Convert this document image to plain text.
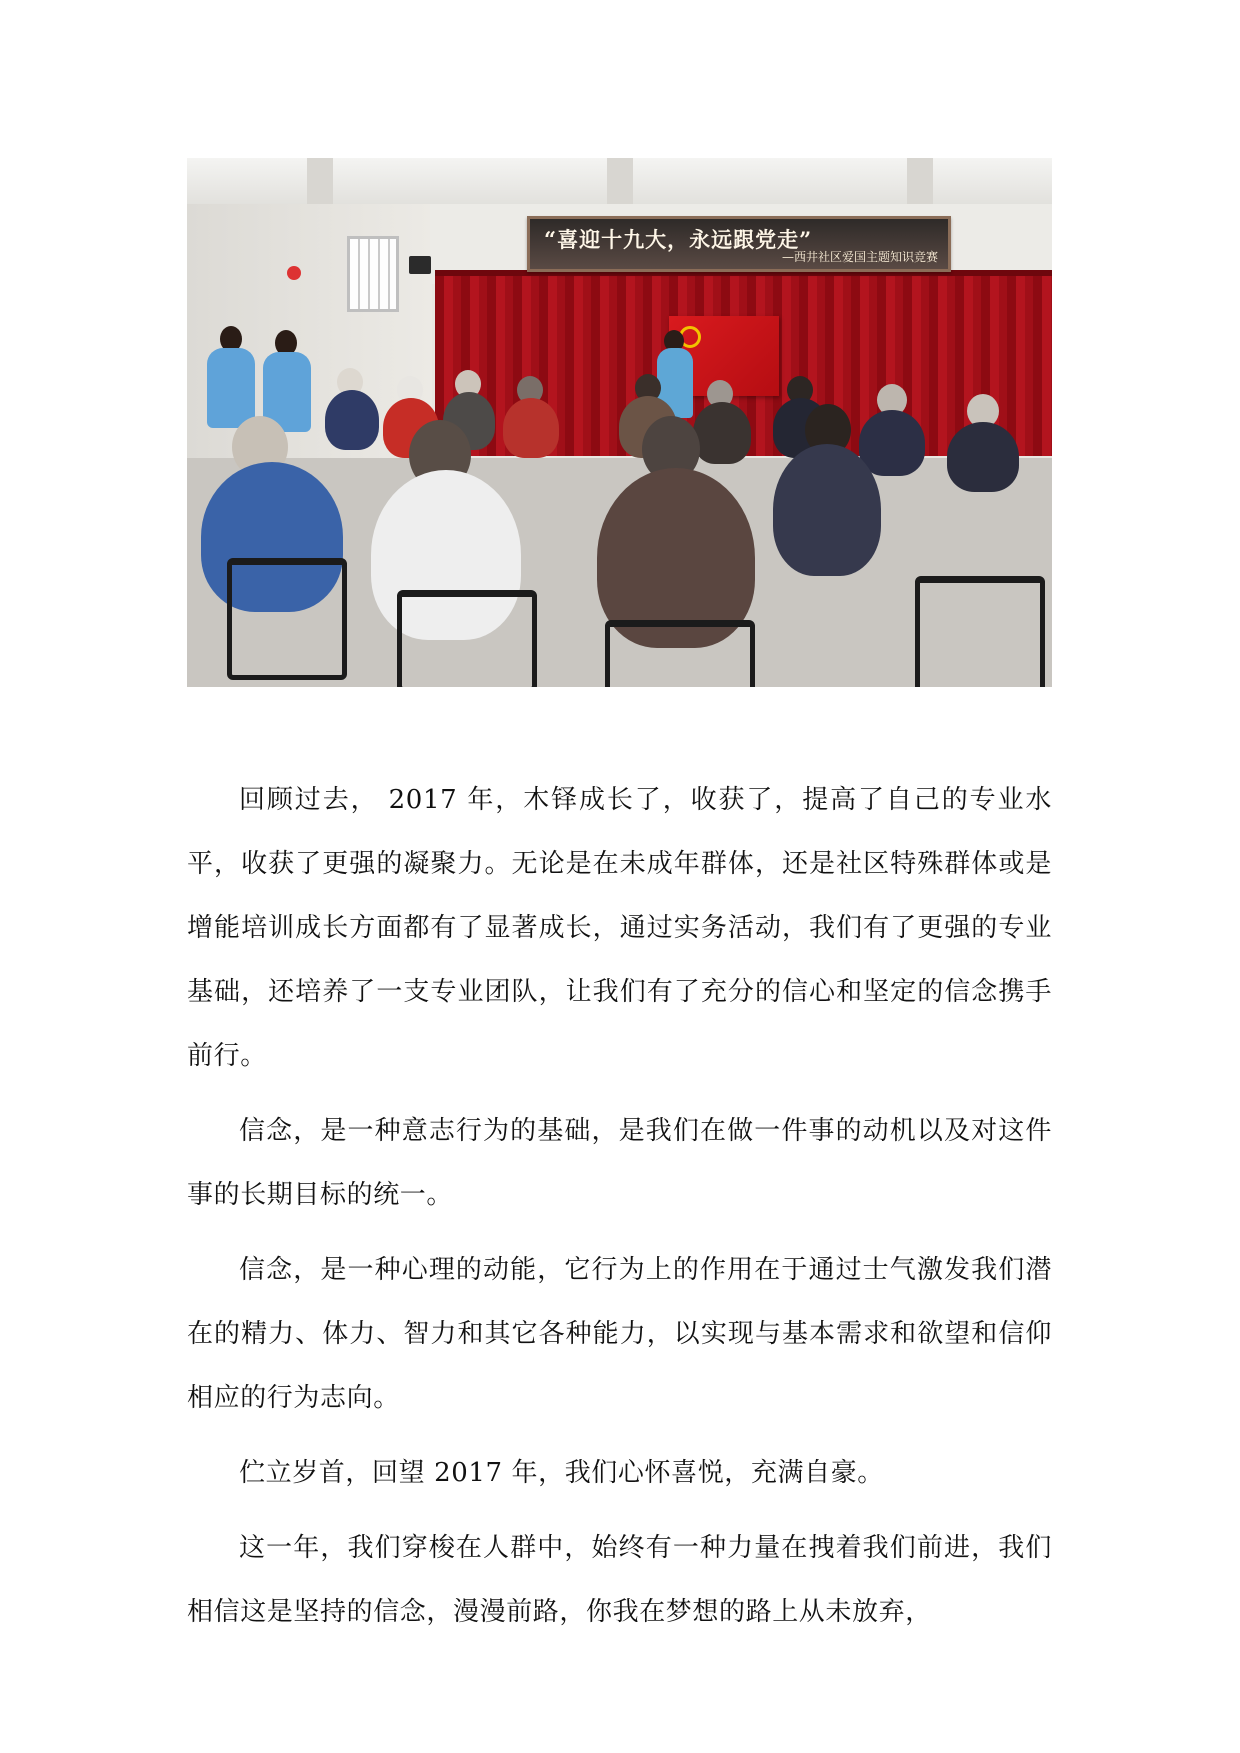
“喜迎十九大，永远跟党走”
—西井社区爱国主题知识竞赛

回顾过去， 2017 年，木铎成长了，收获了，提高了自己的专业水平，收获了更强的凝聚力。无论是在未成年群体，还是社区特殊群体或是增能培训成长方面都有了显著成长，通过实务活动，我们有了更强的专业基础，还培养了一支专业团队，让我们有了充分的信心和坚定的信念携手前行。

信念，是一种意志行为的基础，是我们在做一件事的动机以及对这件事的长期目标的统一。

信念，是一种心理的动能，它行为上的作用在于通过士气激发我们潜在的精力、体力、智力和其它各种能力，以实现与基本需求和欲望和信仰相应的行为志向。

伫立岁首，回望 2017 年，我们心怀喜悦，充满自豪。

这一年，我们穿梭在人群中，始终有一种力量在拽着我们前进，我们相信这是坚持的信念，漫漫前路，你我在梦想的路上从未放弃，
